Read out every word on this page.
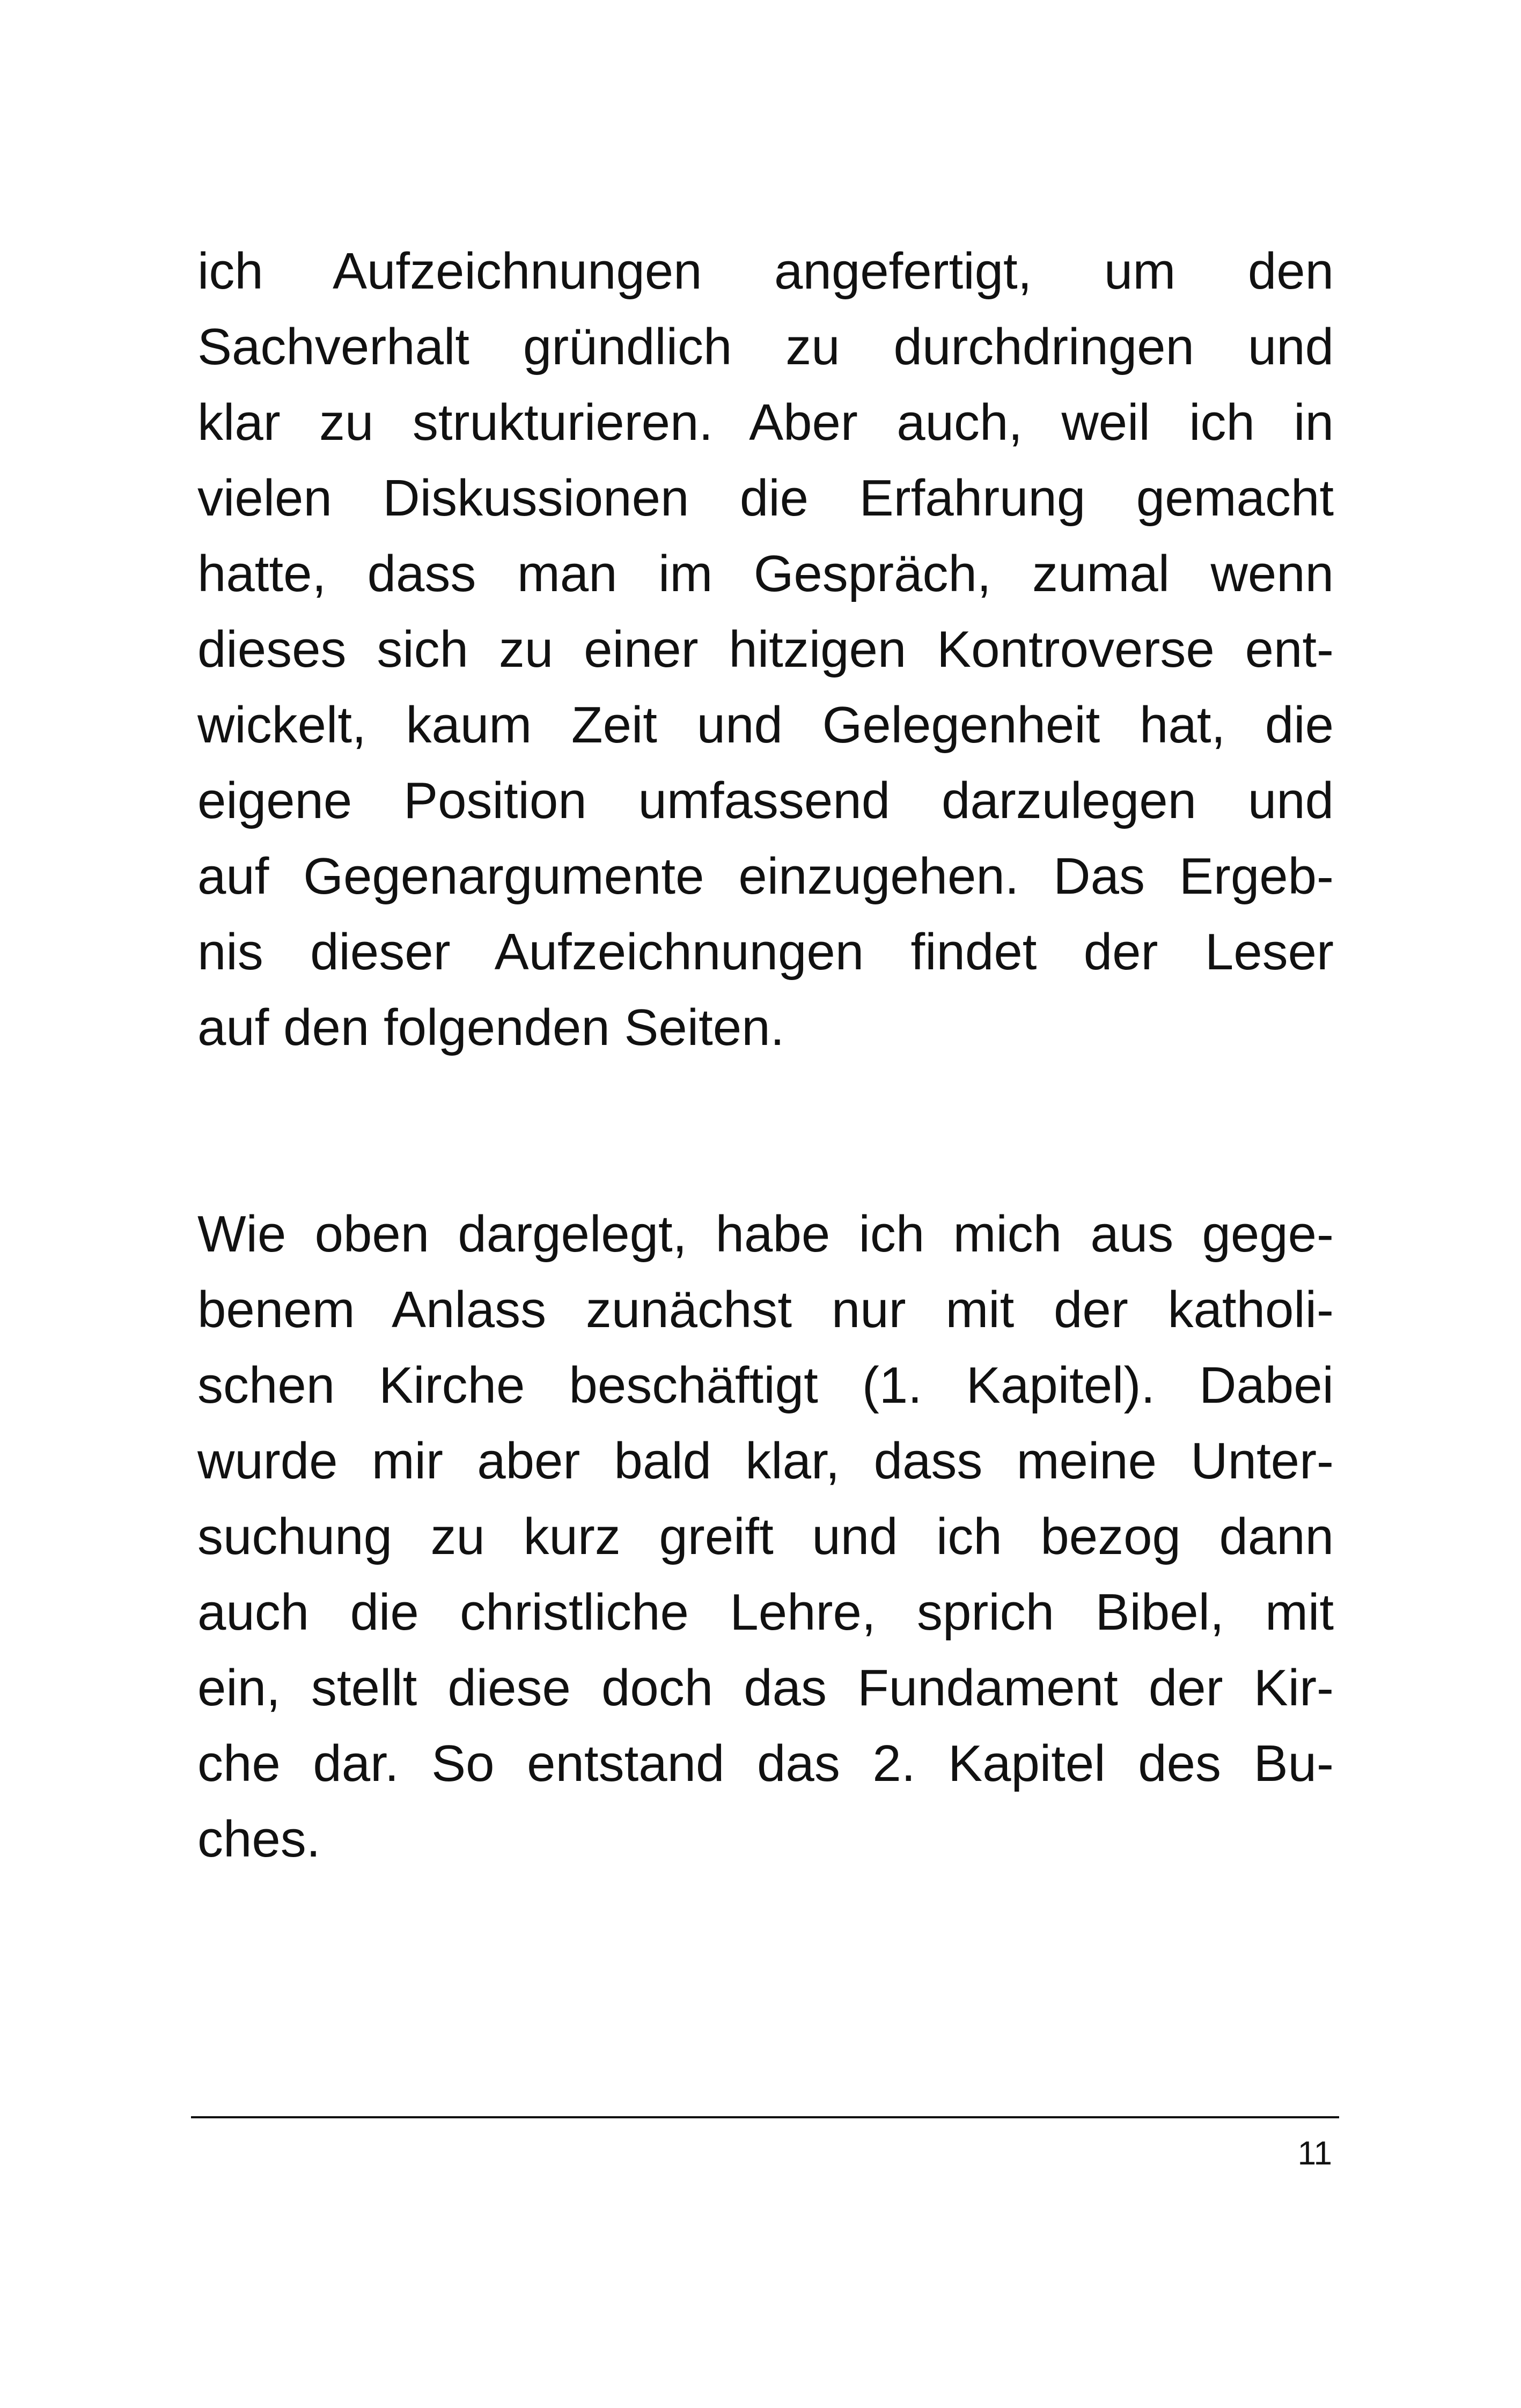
ich Aufzeichnungen angefertigt, um den
Sachverhalt gründlich zu durchdringen und
klar zu strukturieren. Aber auch, weil ich in
vielen Diskussionen die Erfahrung gemacht
hatte, dass man im Gespräch, zumal wenn
dieses sich zu einer hitzigen Kontroverse ent-
wickelt, kaum Zeit und Gelegenheit hat, die
eigene Position umfassend darzulegen und
auf Gegenargumente einzugehen. Das Ergeb-
nis dieser Aufzeichnungen findet der Leser
auf den folgenden Seiten.
Wie oben dargelegt, habe ich mich aus gege-
benem Anlass zunächst nur mit der katholi-
schen Kirche beschäftigt (1. Kapitel). Dabei
wurde mir aber bald klar, dass meine Unter-
suchung zu kurz greift und ich bezog dann
auch die christliche Lehre, sprich Bibel, mit
ein, stellt diese doch das Fundament der Kir-
che dar. So entstand das 2. Kapitel des Bu-
ches.
11
